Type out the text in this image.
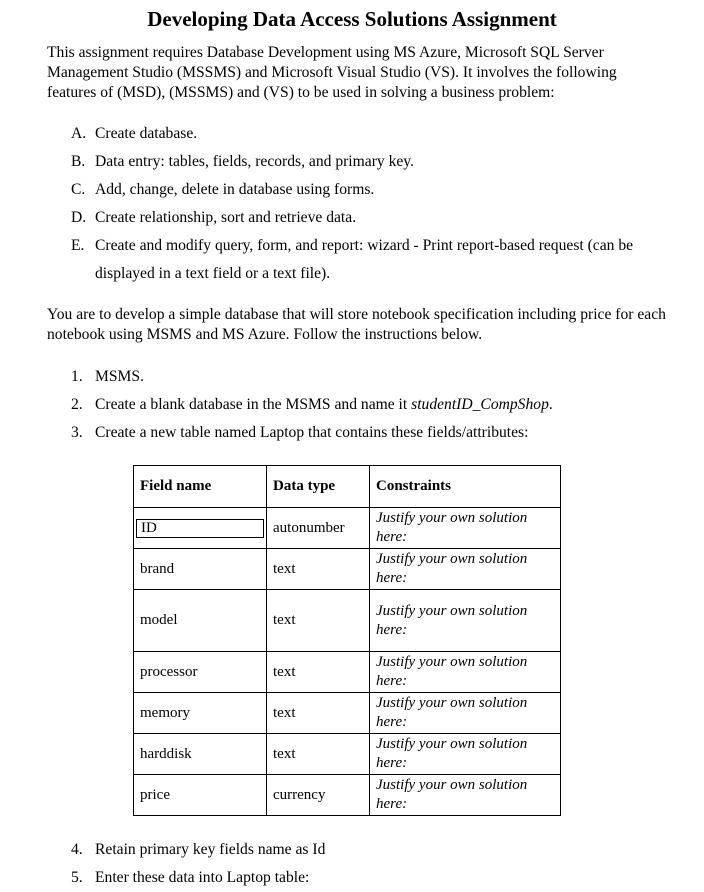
Developing Data Access Solutions Assignment

This assignment requires Database Development using MS Azure, Microsoft SQL Server Management Studio (MSSMS) and Microsoft Visual Studio (VS). It involves the following features of (MSD), (MSSMS) and (VS) to be used in solving a business problem:

A. Create database.
B. Data entry: tables, fields, records, and primary key.
C. Add, change, delete in database using forms.
D. Create relationship, sort and retrieve data.
E. Create and modify query, form, and report: wizard - Print report-based request (can be displayed in a text field or a text file).

You are to develop a simple database that will store notebook specification including price for each notebook using MSMS and MS Azure. Follow the instructions below.

1. MSMS.
2. Create a blank database in the MSMS and name it studentID_CompShop.
3. Create a new table named Laptop that contains these fields/attributes:
Field name	Data type	Constraints

ID	autonumber	Justify your own solution here:
brand	text	Justify your own solution here:
model	text	Justify your own solution here:
processor	text	Justify your own solution here:
memory	text	Justify your own solution here:
harddisk	text	Justify your own solution here:
price	currency	Justify your own solution here:
4. Retain primary key fields name as Id
5. Enter these data into Laptop table:
